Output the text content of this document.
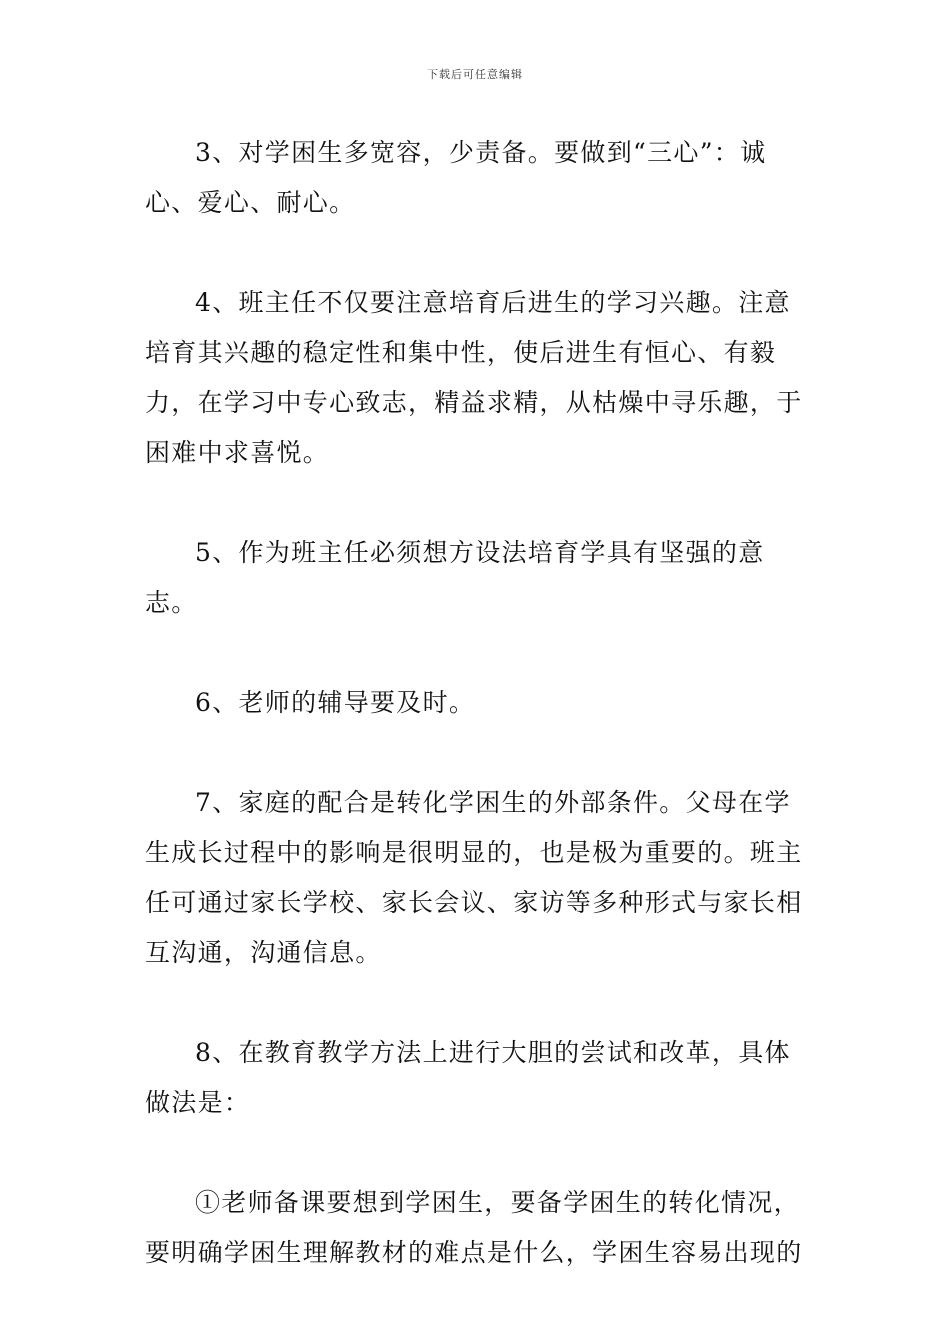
下载后可任意编辑

3、对学困生多宽容，少责备。要做到“三心”：诚心、爱心、耐心。

4、班主任不仅要注意培育后进生的学习兴趣。注意培育其兴趣的稳定性和集中性，使后进生有恒心、有毅力，在学习中专心致志，精益求精，从枯燥中寻乐趣，于困难中求喜悦。

5、作为班主任必须想方设法培育学具有坚强的意志。

6、老师的辅导要及时。

7、家庭的配合是转化学困生的外部条件。父母在学生成长过程中的影响是很明显的，也是极为重要的。班主任可通过家长学校、家长会议、家访等多种形式与家长相互沟通，沟通信息。

8、在教育教学方法上进行大胆的尝试和改革，具体做法是：

①老师备课要想到学困生，要备学困生的转化情况，要明确学困生理解教材的难点是什么，学困生容易出现的
